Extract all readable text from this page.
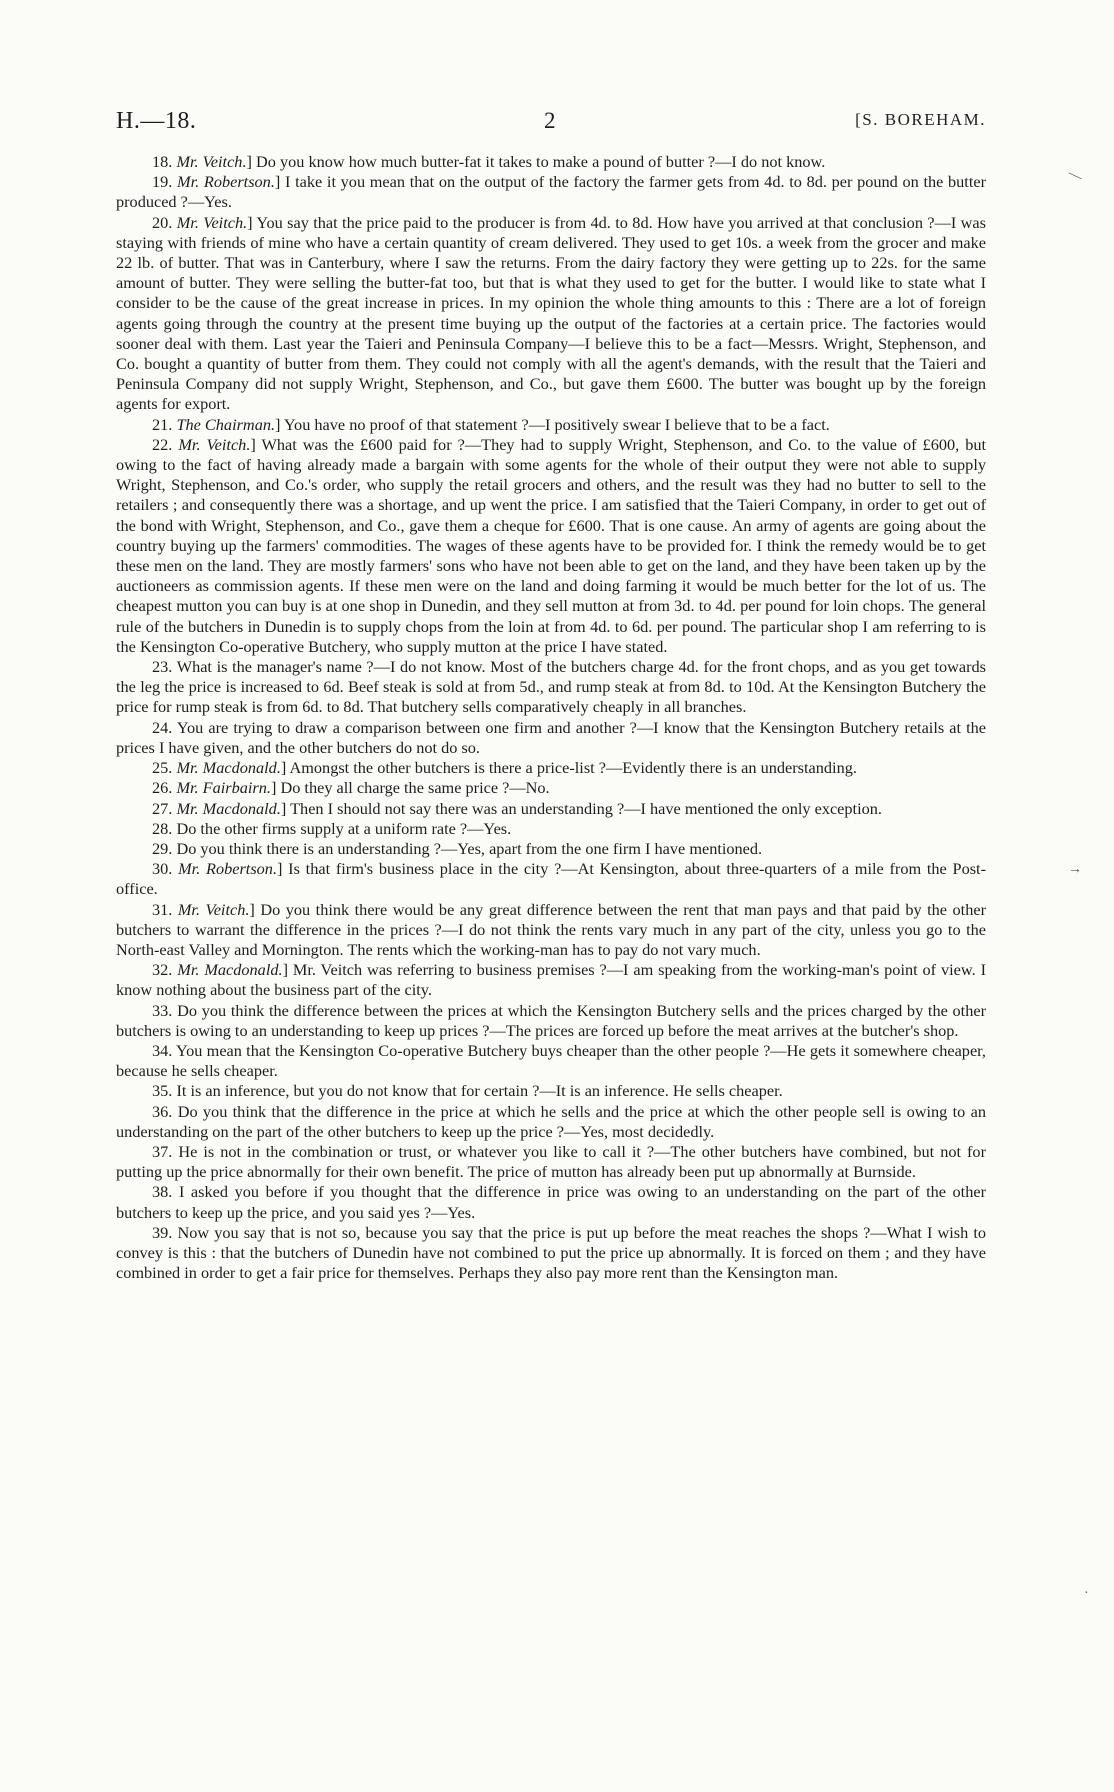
H.—18.	2	[S. BOREHAM.

18. Mr. Veitch.] Do you know how much butter-fat it takes to make a pound of butter ?—I do not know.

19. Mr. Robertson.] I take it you mean that on the output of the factory the farmer gets from 4d. to 8d. per pound on the butter produced ?—Yes.

20. Mr. Veitch.] You say that the price paid to the producer is from 4d. to 8d. How have you arrived at that conclusion ?—I was staying with friends of mine who have a certain quantity of cream delivered. They used to get 10s. a week from the grocer and make 22 lb. of butter. That was in Canterbury, where I saw the returns. From the dairy factory they were getting up to 22s. for the same amount of butter. They were selling the butter-fat too, but that is what they used to get for the butter. I would like to state what I consider to be the cause of the great increase in prices. In my opinion the whole thing amounts to this : There are a lot of foreign agents going through the country at the present time buying up the output of the factories at a certain price. The factories would sooner deal with them. Last year the Taieri and Peninsula Company—I believe this to be a fact—Messrs. Wright, Stephenson, and Co. bought a quantity of butter from them. They could not comply with all the agent's demands, with the result that the Taieri and Peninsula Company did not supply Wright, Stephenson, and Co., but gave them £600. The butter was bought up by the foreign agents for export.

21. The Chairman.] You have no proof of that statement ?—I positively swear I believe that to be a fact.

22. Mr. Veitch.] What was the £600 paid for ?—They had to supply Wright, Stephenson, and Co. to the value of £600, but owing to the fact of having already made a bargain with some agents for the whole of their output they were not able to supply Wright, Stephenson, and Co.'s order, who supply the retail grocers and others, and the result was they had no butter to sell to the retailers ; and consequently there was a shortage, and up went the price. I am satisfied that the Taieri Company, in order to get out of the bond with Wright, Stephenson, and Co., gave them a cheque for £600. That is one cause. An army of agents are going about the country buying up the farmers' commodities. The wages of these agents have to be provided for. I think the remedy would be to get these men on the land. They are mostly farmers' sons who have not been able to get on the land, and they have been taken up by the auctioneers as commission agents. If these men were on the land and doing farming it would be much better for the lot of us. The cheapest mutton you can buy is at one shop in Dunedin, and they sell mutton at from 3d. to 4d. per pound for loin chops. The general rule of the butchers in Dunedin is to supply chops from the loin at from 4d. to 6d. per pound. The particular shop I am referring to is the Kensington Co-operative Butchery, who supply mutton at the price I have stated.

23. What is the manager's name ?—I do not know. Most of the butchers charge 4d. for the front chops, and as you get towards the leg the price is increased to 6d. Beef steak is sold at from 5d., and rump steak at from 8d. to 10d. At the Kensington Butchery the price for rump steak is from 6d. to 8d. That butchery sells comparatively cheaply in all branches.

24. You are trying to draw a comparison between one firm and another ?—I know that the Kensington Butchery retails at the prices I have given, and the other butchers do not do so.

25. Mr. Macdonald.] Amongst the other butchers is there a price-list ?—Evidently there is an understanding.

26. Mr. Fairbairn.] Do they all charge the same price ?—No.

27. Mr. Macdonald.] Then I should not say there was an understanding ?—I have mentioned the only exception.

28. Do the other firms supply at a uniform rate ?—Yes.

29. Do you think there is an understanding ?—Yes, apart from the one firm I have mentioned.

30. Mr. Robertson.] Is that firm's business place in the city ?—At Kensington, about three-quarters of a mile from the Post-office.

31. Mr. Veitch.] Do you think there would be any great difference between the rent that man pays and that paid by the other butchers to warrant the difference in the prices ?—I do not think the rents vary much in any part of the city, unless you go to the North-east Valley and Mornington. The rents which the working-man has to pay do not vary much.

32. Mr. Macdonald.] Mr. Veitch was referring to business premises ?—I am speaking from the working-man's point of view. I know nothing about the business part of the city.

33. Do you think the difference between the prices at which the Kensington Butchery sells and the prices charged by the other butchers is owing to an understanding to keep up prices ?—The prices are forced up before the meat arrives at the butcher's shop.

34. You mean that the Kensington Co-operative Butchery buys cheaper than the other people ?—He gets it somewhere cheaper, because he sells cheaper.

35. It is an inference, but you do not know that for certain ?—It is an inference. He sells cheaper.

36. Do you think that the difference in the price at which he sells and the price at which the other people sell is owing to an understanding on the part of the other butchers to keep up the price ?—Yes, most decidedly.

37. He is not in the combination or trust, or whatever you like to call it ?—The other butchers have combined, but not for putting up the price abnormally for their own benefit. The price of mutton has already been put up abnormally at Burnside.

38. I asked you before if you thought that the difference in price was owing to an understanding on the part of the other butchers to keep up the price, and you said yes ?—Yes.

39. Now you say that is not so, because you say that the price is put up before the meat reaches the shops ?—What I wish to convey is this : that the butchers of Dunedin have not combined to put the price up abnormally. It is forced on them ; and they have combined in order to get a fair price for themselves. Perhaps they also pay more rent than the Kensington man.

—
→
·
